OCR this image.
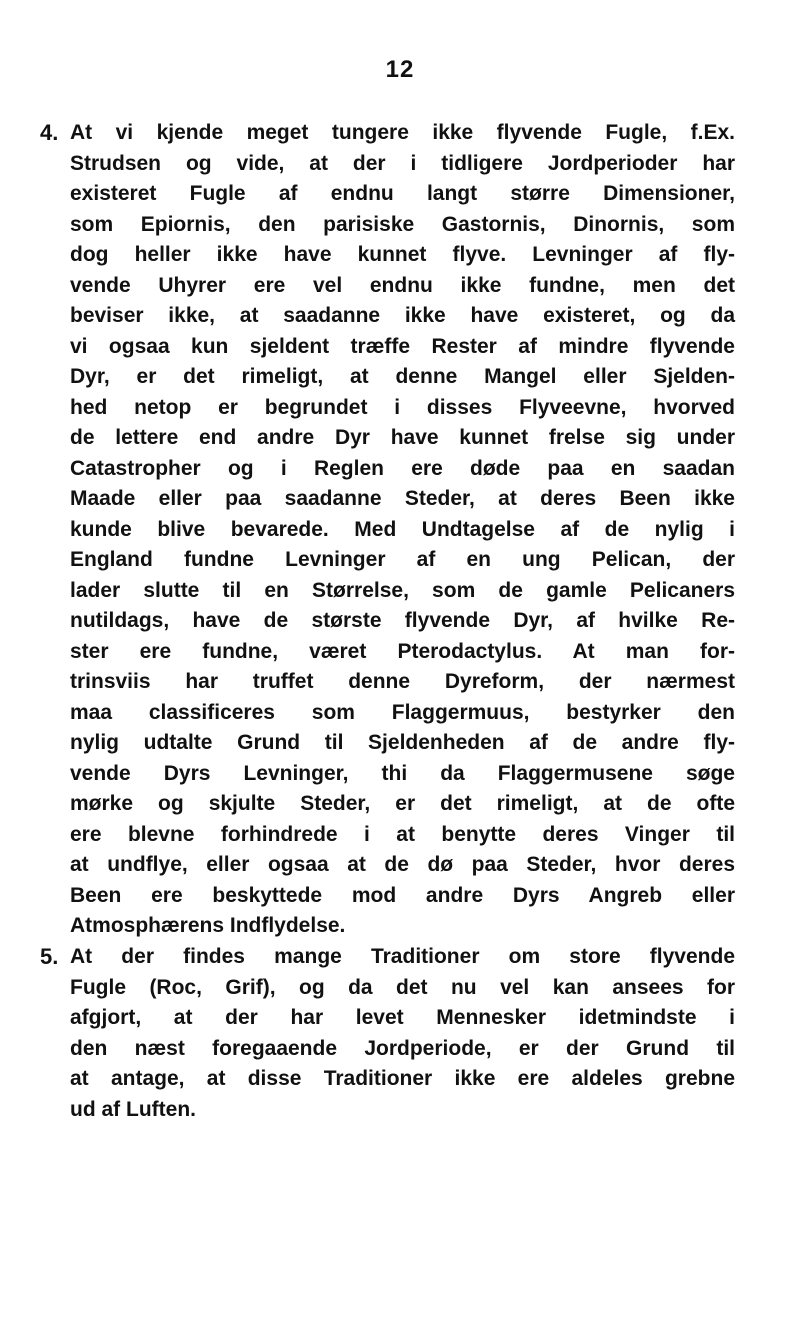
12
4. At vi kjende meget tungere ikke flyvende Fugle, f.Ex.
Strudsen og vide, at der i tidligere Jordperioder har
existeret Fugle af endnu langt større Dimensioner,
som Epiornis, den parisiske Gastornis, Dinornis, som
dog heller ikke have kunnet flyve. Levninger af fly-
vende Uhyrer ere vel endnu ikke fundne, men det
beviser ikke, at saadanne ikke have existeret, og da
vi ogsaa kun sjeldent træffe Rester af mindre flyvende
Dyr, er det rimeligt, at denne Mangel eller Sjelden-
hed netop er begrundet i disses Flyveevne, hvorved
de lettere end andre Dyr have kunnet frelse sig under
Catastropher og i Reglen ere døde paa en saadan
Maade eller paa saadanne Steder, at deres Been ikke
kunde blive bevarede. Med Undtagelse af de nylig i
England fundne Levninger af en ung Pelican, der
lader slutte til en Størrelse, som de gamle Pelicaners
nutildags, have de største flyvende Dyr, af hvilke Re-
ster ere fundne, været Pterodactylus. At man for-
trinsviis har truffet denne Dyreform, der nærmest
maa classificeres som Flaggermuus, bestyrker den
nylig udtalte Grund til Sjeldenheden af de andre fly-
vende Dyrs Levninger, thi da Flaggermusene søge
mørke og skjulte Steder, er det rimeligt, at de ofte
ere blevne forhindrede i at benytte deres Vinger til
at undflye, eller ogsaa at de dø paa Steder, hvor deres
Been ere beskyttede mod andre Dyrs Angreb eller
Atmosphærens Indflydelse.
5. At der findes mange Traditioner om store flyvende
Fugle (Roc, Grif), og da det nu vel kan ansees for
afgjort, at der har levet Mennesker idetmindste i
den næst foregaaende Jordperiode, er der Grund til
at antage, at disse Traditioner ikke ere aldeles grebne
ud af Luften.
